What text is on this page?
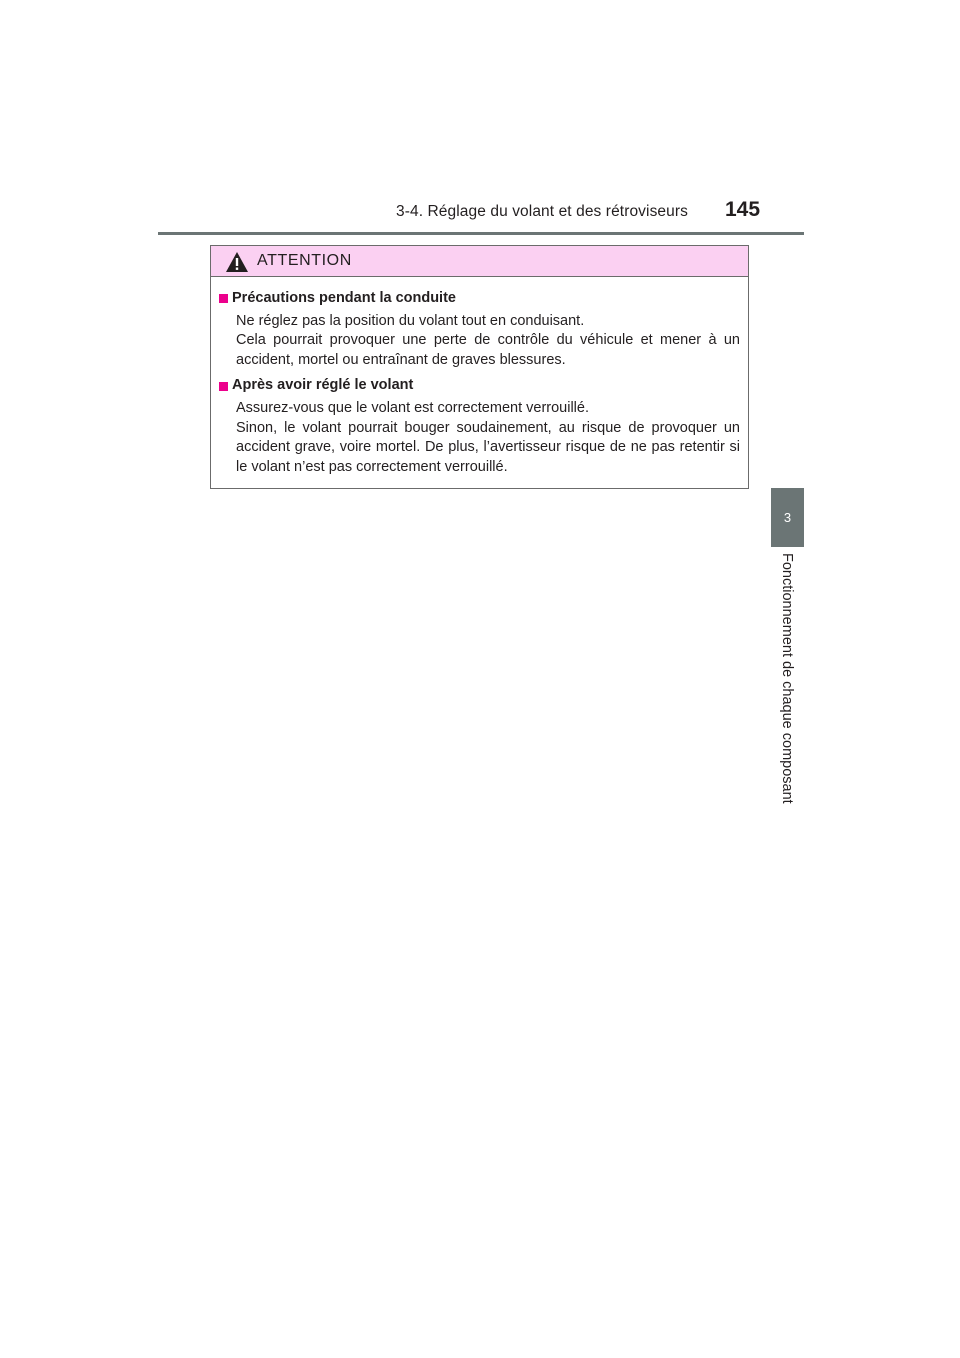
3-4. Réglage du volant et des rétroviseurs 145
3
Fonctionnement de chaque composant
ATTENTION
Précautions pendant la conduite

Ne réglez pas la position du volant tout en conduisant.

Cela pourrait provoquer une perte de contrôle du véhicule et mener à un accident, mortel ou entraînant de graves blessures.

Après avoir réglé le volant

Assurez-vous que le volant est correctement verrouillé.

Sinon, le volant pourrait bouger soudainement, au risque de provoquer un accident grave, voire mortel. De plus, l’avertisseur risque de ne pas retentir si le volant n’est pas correctement verrouillé.
